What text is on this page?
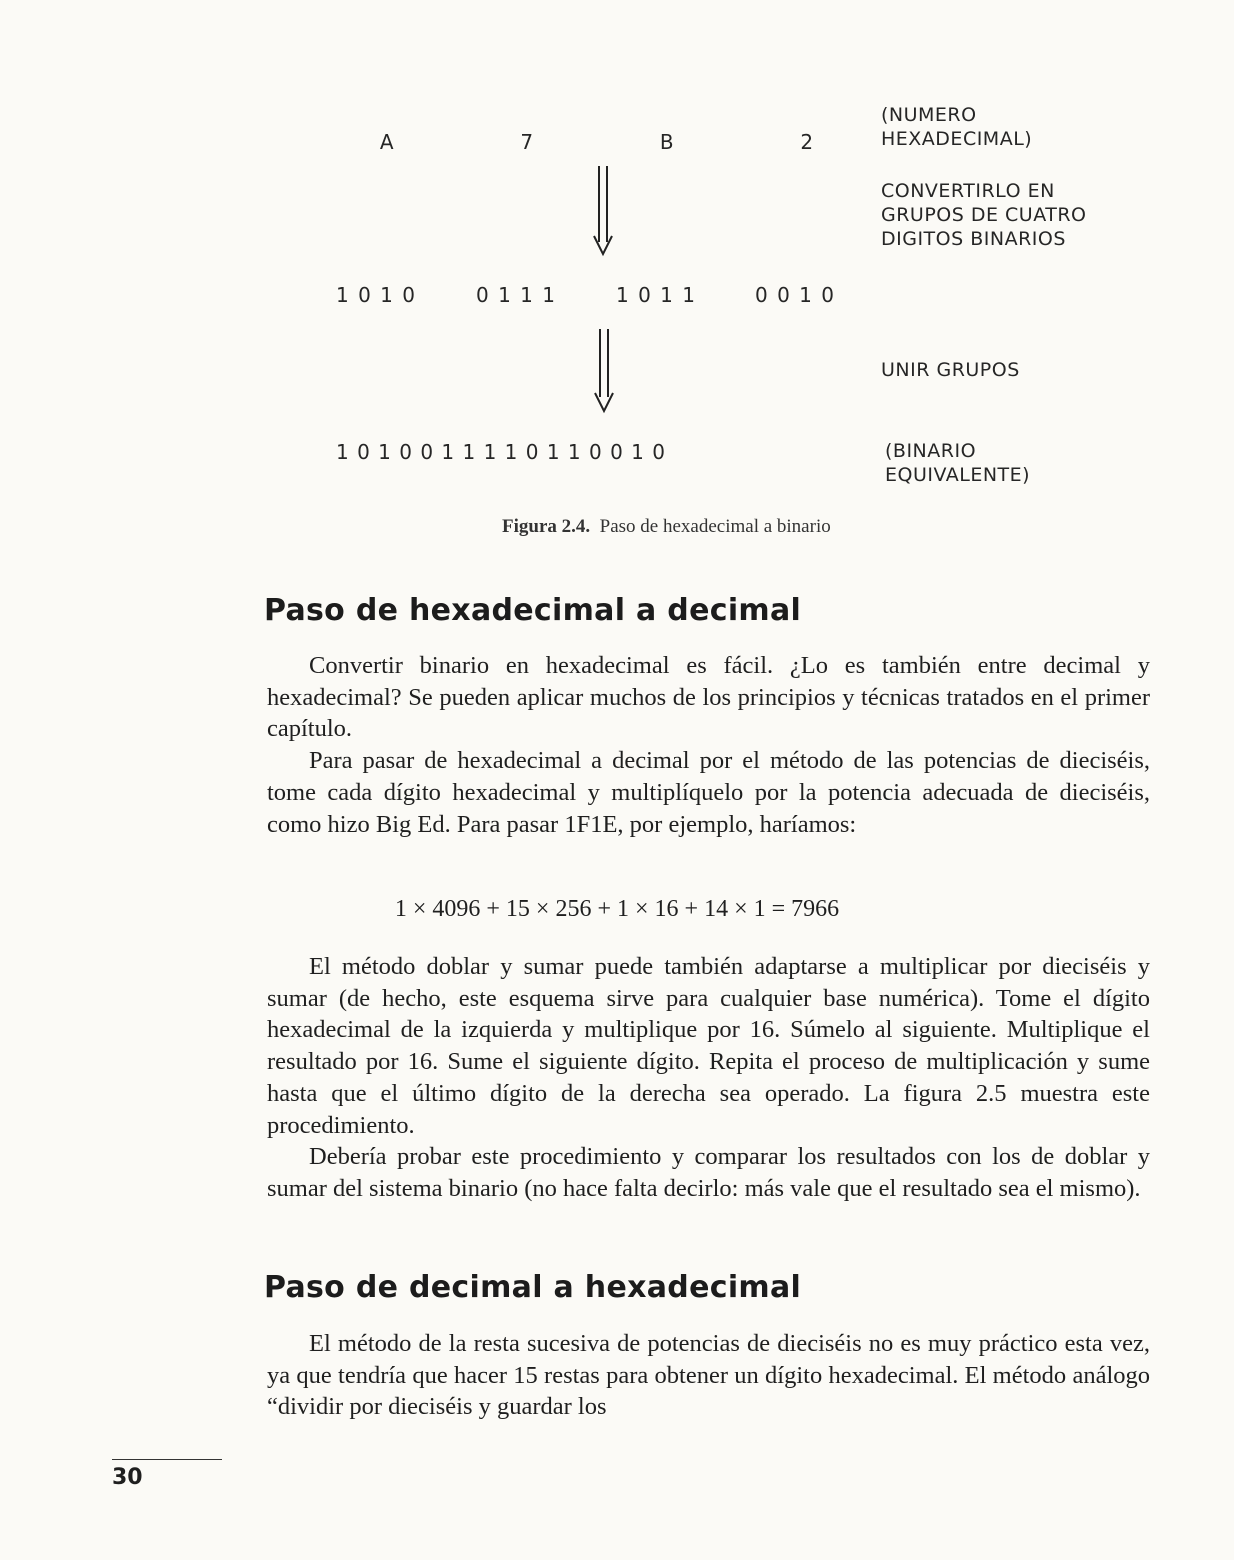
A	7	B	2
(NUMERO
HEXADECIMAL)
CONVERTIRLO EN
GRUPOS DE CUATRO
DIGITOS BINARIOS
1 0 1 0	0 1 1 1	1 0 1 1	0 0 1 0
UNIR GRUPOS
1 0 1 0 0 1 1 1 1 0 1 1 0 0 1 0	(BINARIO
EQUIVALENTE)
Figura 2.4. Paso de hexadecimal a binario
Paso de hexadecimal a decimal

Convertir binario en hexadecimal es fácil. ¿Lo es también entre decimal y hexadecimal? Se pueden aplicar muchos de los principios y técnicas tratados en el primer capítulo.

Para pasar de hexadecimal a decimal por el método de las potencias de dieciséis, tome cada dígito hexadecimal y multiplíquelo por la potencia adecuada de dieciséis, como hizo Big Ed. Para pasar 1F1E, por ejemplo, haríamos:

1 × 4096 + 15 × 256 + 1 × 16 + 14 × 1 = 7966

El método doblar y sumar puede también adaptarse a multiplicar por dieciséis y sumar (de hecho, este esquema sirve para cualquier base numérica). Tome el dígito hexadecimal de la izquierda y multiplique por 16. Súmelo al siguiente. Multiplique el resultado por 16. Sume el siguiente dígito. Repita el proceso de multiplicación y sume hasta que el último dígito de la derecha sea operado. La figura 2.5 muestra este procedimiento.

Debería probar este procedimiento y comparar los resultados con los de doblar y sumar del sistema binario (no hace falta decirlo: más vale que el resultado sea el mismo).

Paso de decimal a hexadecimal

El método de la resta sucesiva de potencias de dieciséis no es muy práctico esta vez, ya que tendría que hacer 15 restas para obtener un dígito hexadecimal. El método análogo “dividir por dieciséis y guardar los

30
